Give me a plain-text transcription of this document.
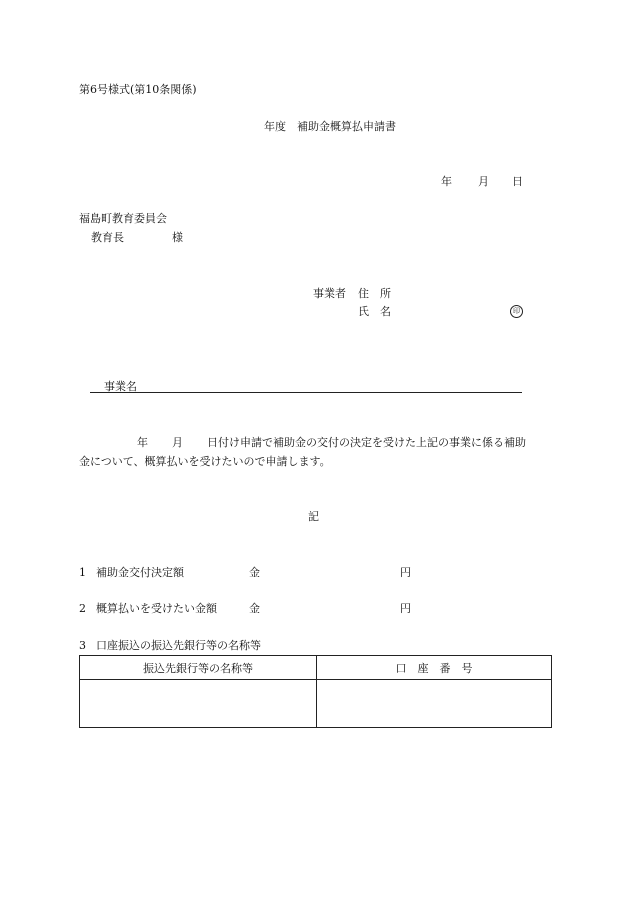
第6号様式(第10条関係)
年度　補助金概算払申請書
年 月 日
福島町教育委員会
教育長	様
事業者 住　所
氏　名	印
事業名
年 月 日付け申請で補助金の交付の決定を受けた上記の事業に係る補助
金について、概算払いを受けたいので申請します。
記
1 補助金交付決定額	金	円
2 概算払いを受けたい金額	金	円
3 口座振込の振込先銀行等の名称等
振込先銀行等の名称等	口　座　番　号
